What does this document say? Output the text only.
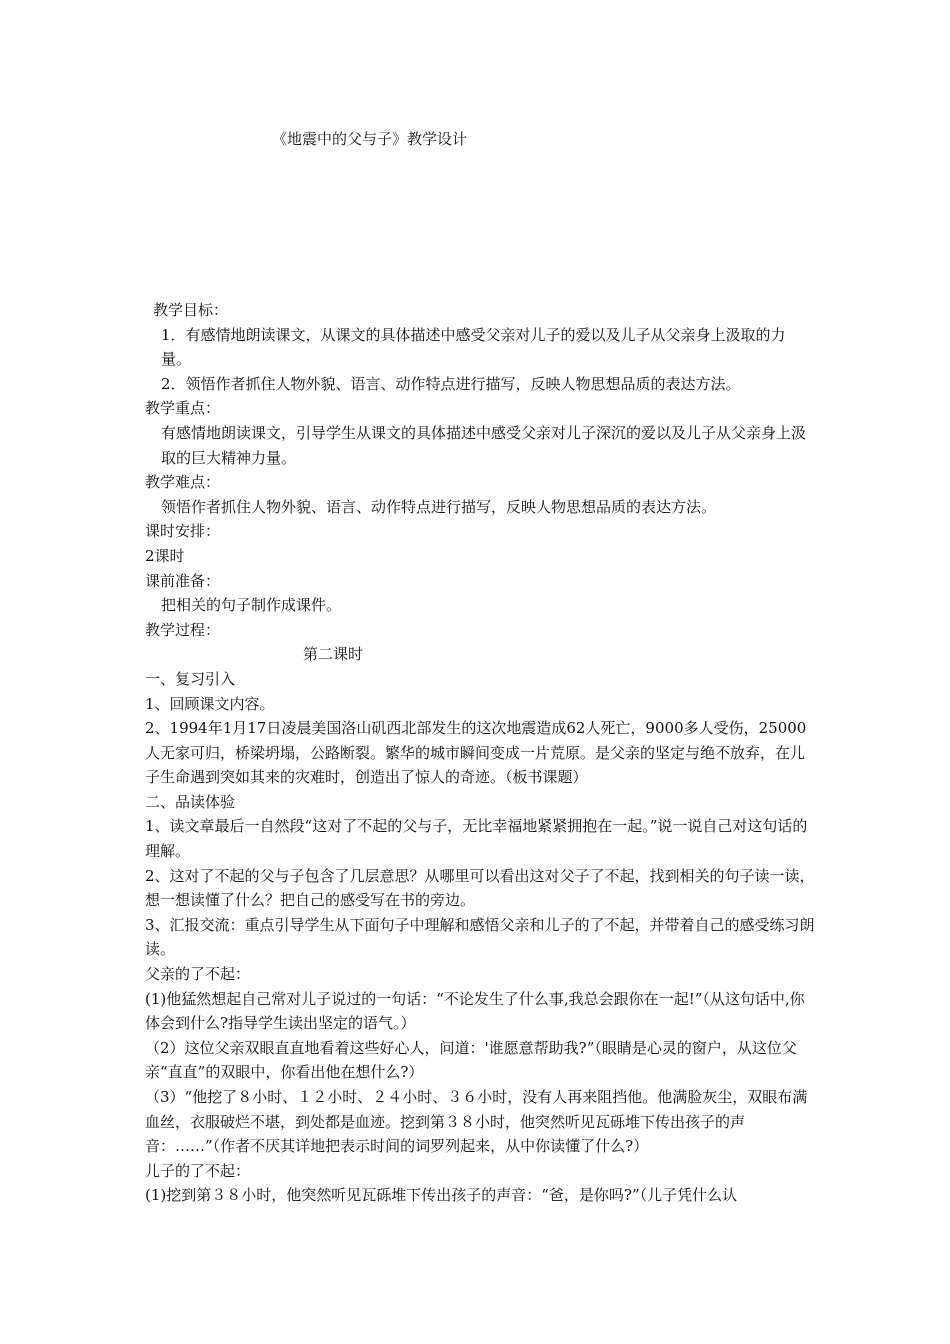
《地震中的父与子》教学设计

教学目标：

1．有感情地朗读课文，从课文的具体描述中感受父亲对儿子的爱以及儿子从父亲身上汲取的力量。

2．领悟作者抓住人物外貌、语言、动作特点进行描写，反映人物思想品质的表达方法。

教学重点：

有感情地朗读课文，引导学生从课文的具体描述中感受父亲对儿子深沉的爱以及儿子从父亲身上汲取的巨大精神力量。

教学难点：

领悟作者抓住人物外貌、语言、动作特点进行描写，反映人物思想品质的表达方法。

课时安排：

2课时

课前准备：

把相关的句子制作成课件。

教学过程：

第二课时

一、复习引入

1、回顾课文内容。

2、1994年1月17日凌晨美国洛山矶西北部发生的这次地震造成62人死亡，9000多人受伤，25000人无家可归，桥梁坍塌，公路断裂。繁华的城市瞬间变成一片荒原。是父亲的坚定与绝不放弃，在儿子生命遇到突如其来的灾难时，创造出了惊人的奇迹。（板书课题）

二、品读体验

1、读文章最后一自然段“这对了不起的父与子，无比幸福地紧紧拥抱在一起。”说一说自己对这句话的理解。

2、这对了不起的父与子包含了几层意思？从哪里可以看出这对父子了不起，找到相关的句子读一读，想一想读懂了什么？把自己的感受写在书的旁边。

3、汇报交流：重点引导学生从下面句子中理解和感悟父亲和儿子的了不起，并带着自己的感受练习朗读。

父亲的了不起：

(1)他猛然想起自己常对儿子说过的一句话：“不论发生了什么事,我总会跟你在一起!”（从这句话中,你体会到什么?指导学生读出坚定的语气。）

（2）这位父亲双眼直直地看着这些好心人，问道：'谁愿意帮助我?”（眼睛是心灵的窗户，从这位父亲“直直”的双眼中，你看出他在想什么?）

（3）“他挖了８小时、１２小时、２４小时、３６小时，没有人再来阻挡他。他满脸灰尘，双眼布满血丝，衣服破烂不堪，到处都是血迹。挖到第３８小时，他突然听见瓦砾堆下传出孩子的声音：……”（作者不厌其详地把表示时间的词罗列起来，从中你读懂了什么?）

儿子的了不起：

(1)挖到第３８小时，他突然听见瓦砾堆下传出孩子的声音：“爸，是你吗?”（儿子凭什么认
